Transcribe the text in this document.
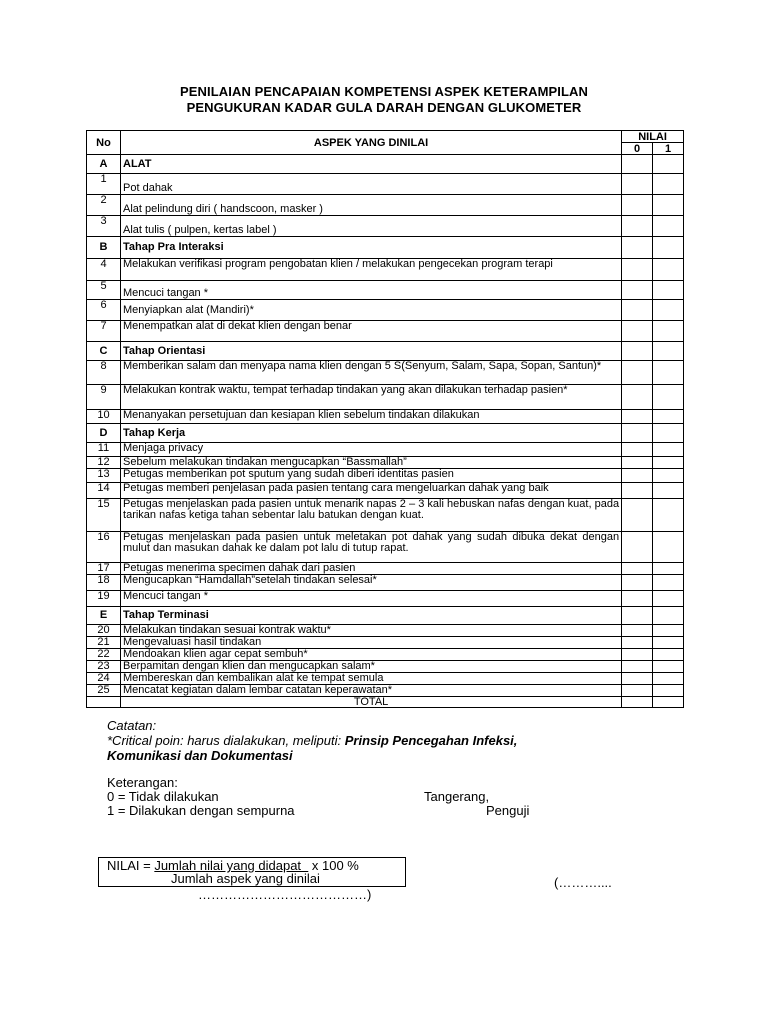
PENILAIAN PENCAPAIAN KOMPETENSI ASPEK KETERAMPILAN
PENGUKURAN KADAR GULA DARAH DENGAN GLUKOMETER
No	ASPEK YANG DINILAI	NILAI	
		0	1
A	ALAT		
1	Pot dahak		
2	Alat pelindung diri ( handscoon, masker )		
3	Alat tulis ( pulpen, kertas label )		
B	Tahap Pra Interaksi		
4	Melakukan verifikasi program pengobatan klien / melakukan pengecekan program terapi		
5	Mencuci tangan *		
6	Menyiapkan alat (Mandiri)*		
7	Menempatkan alat di dekat klien dengan benar		
C	Tahap Orientasi		
8	Memberikan salam dan menyapa nama klien dengan 5 S(Senyum, Salam, Sapa, Sopan, Santun)*		
9	Melakukan kontrak waktu, tempat terhadap tindakan yang akan dilakukan terhadap pasien*		
10	Menanyakan persetujuan dan kesiapan klien sebelum tindakan dilakukan		
D	Tahap Kerja		
11	Menjaga privacy		
12	Sebelum melakukan tindakan mengucapkan “Bassmallah”		
13	Petugas memberikan pot sputum yang sudah diberi identitas pasien		
14	Petugas memberi penjelasan pada pasien tentang cara mengeluarkan dahak yang baik		
15	Petugas menjelaskan pada pasien untuk menarik napas 2 – 3 kali hebuskan nafas dengan kuat, pada tarikan nafas ketiga tahan sebentar lalu batukan dengan kuat.		
16	Petugas menjelaskan pada pasien untuk meletakan pot dahak yang sudah dibuka dekat dengan mulut dan masukan dahak ke dalam pot lalu di tutup rapat.		
17	Petugas menerima specimen dahak dari pasien		
18	Mengucapkan “Hamdallah”setelah tindakan selesai*		
19	Mencuci tangan *		
E	Tahap Terminasi		
20	Melakukan tindakan sesuai kontrak waktu*		
21	Mengevaluasi hasil tindakan		
22	Mendoakan klien agar cepat sembuh*		
23	Berpamitan dengan klien dan mengucapkan salam*		
24	Membereskan dan kembalikan alat ke tempat semula		
25	Mencatat kegiatan dalam lembar catatan keperawatan*		
	TOTAL		
Catatan:
*Critical poin: harus dialakukan, meliputi: Prinsip Pencegahan Infeksi,
Komunikasi dan Dokumentasi
Keterangan:
0 = Tidak dilakukan
1 = Dilakukan dengan sempurna
Tangerang,
Penguji
NILAI = Jumlah nilai yang didapat   x 100 %
Jumlah aspek yang dinilai	(………....
…………………………………)
